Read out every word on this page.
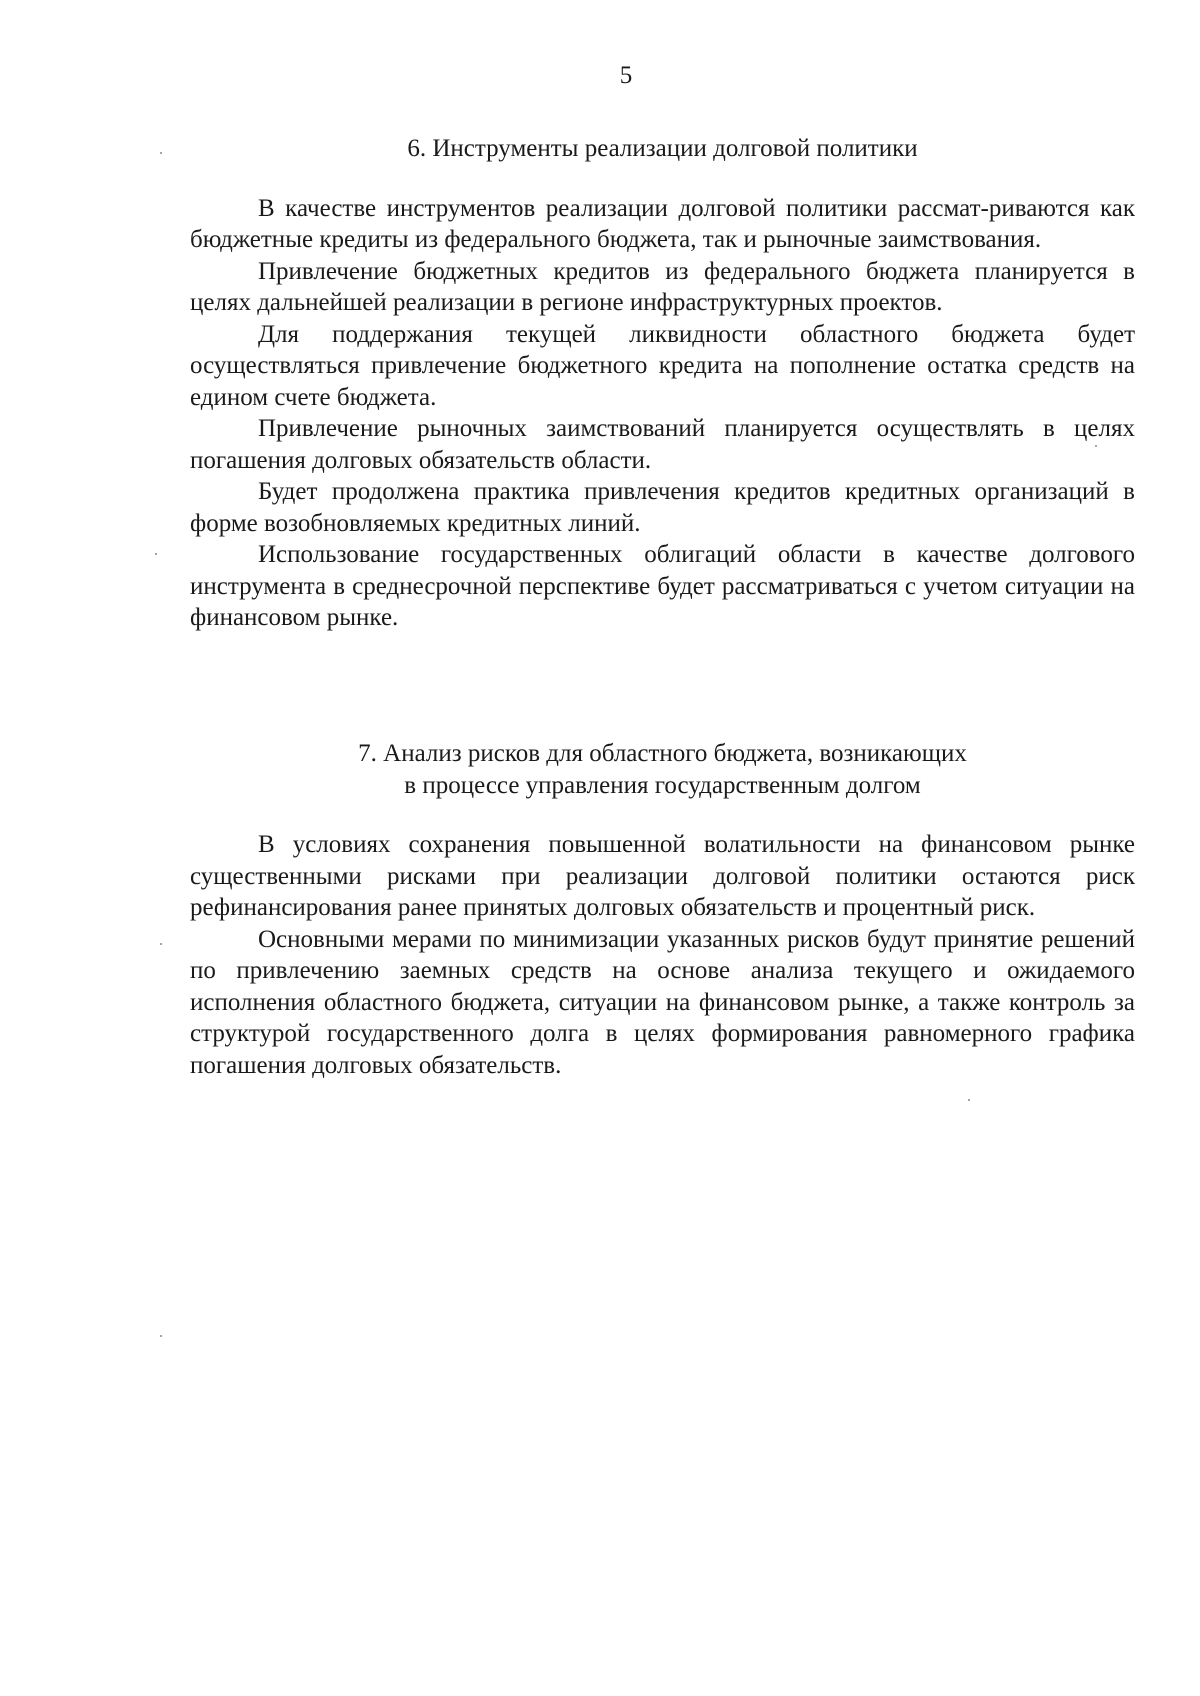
5
6. Инструменты реализации долговой политики

В качестве инструментов реализации долговой политики рассмат-риваются как бюджетные кредиты из федерального бюджета, так и рыночные заимствования.

Привлечение бюджетных кредитов из федерального бюджета планируется в целях дальнейшей реализации в регионе инфраструктурных проектов.

Для поддержания текущей ликвидности областного бюджета будет осуществляться привлечение бюджетного кредита на пополнение остатка средств на едином счете бюджета.

Привлечение рыночных заимствований планируется осуществлять в целях погашения долговых обязательств области.

Будет продолжена практика привлечения кредитов кредитных организаций в форме возобновляемых кредитных линий.

Использование государственных облигаций области в качестве долгового инструмента в среднесрочной перспективе будет рассматриваться с учетом ситуации на финансовом рынке.

7. Анализ рисков для областного бюджета, возникающих
в процессе управления государственным долгом

В условиях сохранения повышенной волатильности на финансовом рынке существенными рисками при реализации долговой политики остаются риск рефинансирования ранее принятых долговых обязательств и процентный риск.

Основными мерами по минимизации указанных рисков будут принятие решений по привлечению заемных средств на основе анализа текущего и ожидаемого исполнения областного бюджета, ситуации на финансовом рынке, а также контроль за структурой государственного долга в целях формирования равномерного графика погашения долговых обязательств.
